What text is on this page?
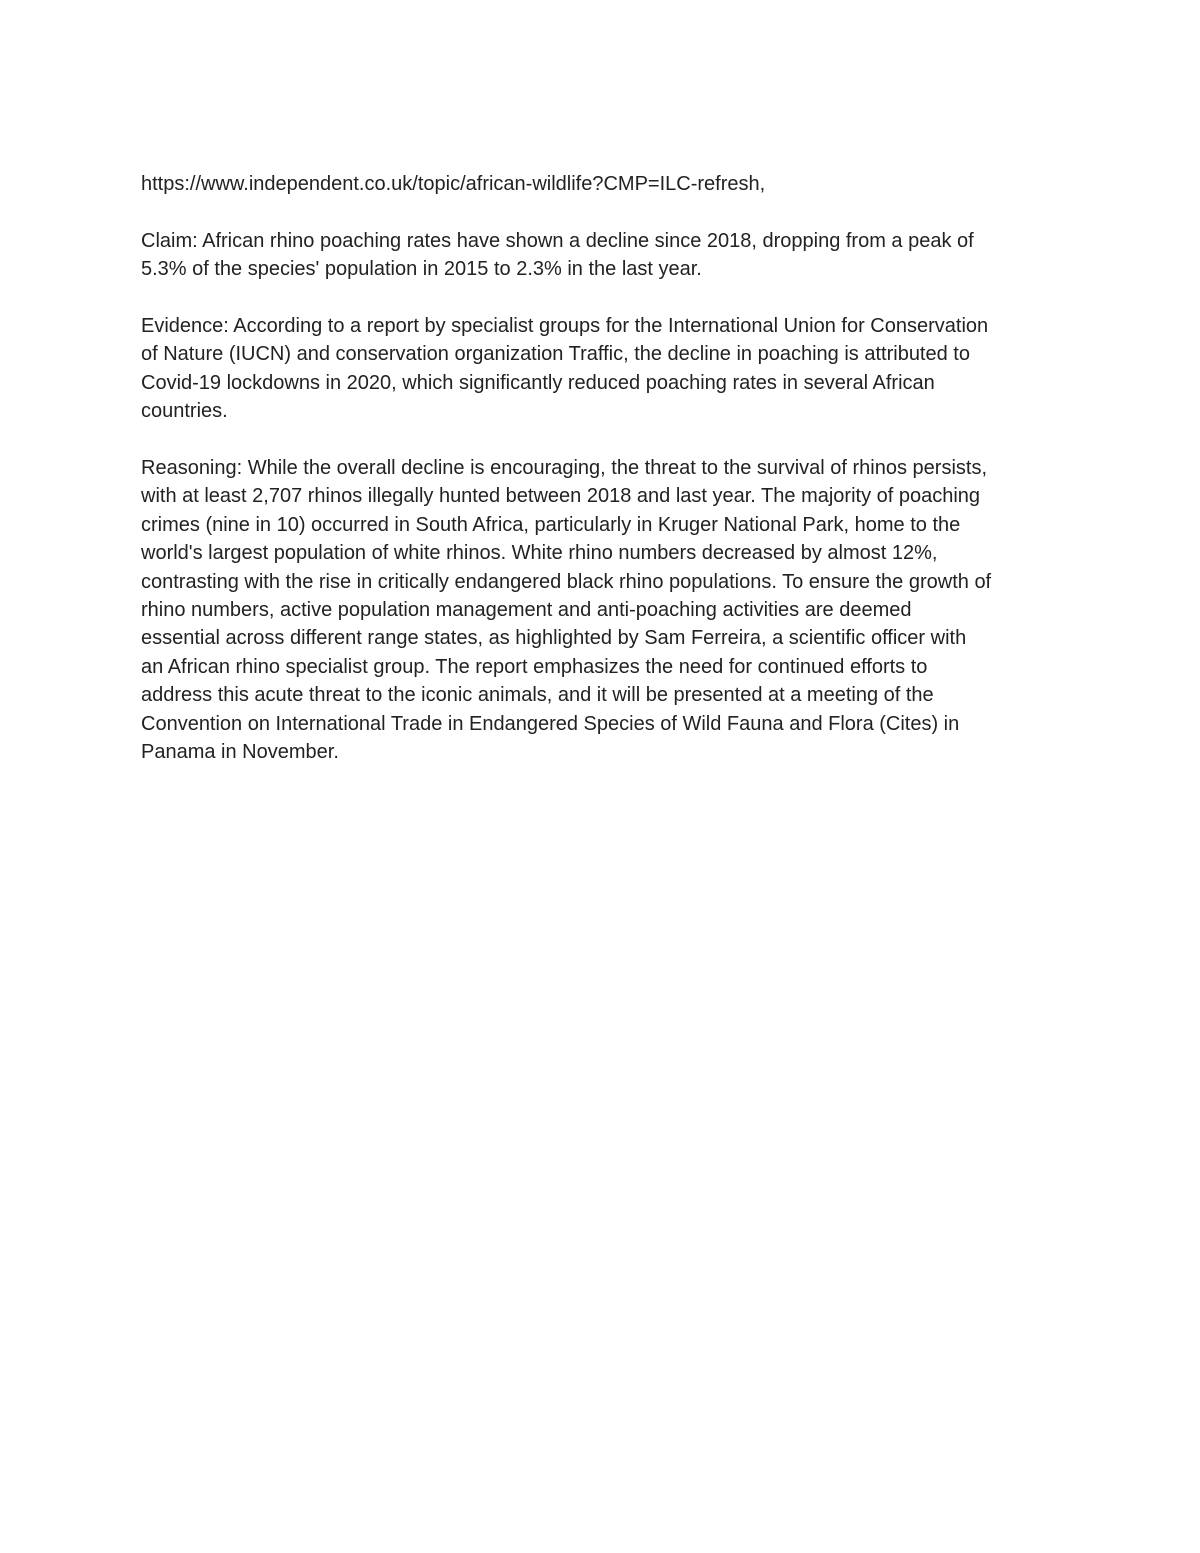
https://www.independent.co.uk/topic/african-wildlife?CMP=ILC-refresh,

Claim: African rhino poaching rates have shown a decline since 2018, dropping from a peak of
5.3% of the species' population in 2015 to 2.3% in the last year.

Evidence: According to a report by specialist groups for the International Union for Conservation
of Nature (IUCN) and conservation organization Traffic, the decline in poaching is attributed to
Covid-19 lockdowns in 2020, which significantly reduced poaching rates in several African
countries.

Reasoning: While the overall decline is encouraging, the threat to the survival of rhinos persists,
with at least 2,707 rhinos illegally hunted between 2018 and last year. The majority of poaching
crimes (nine in 10) occurred in South Africa, particularly in Kruger National Park, home to the
world's largest population of white rhinos. White rhino numbers decreased by almost 12%,
contrasting with the rise in critically endangered black rhino populations. To ensure the growth of
rhino numbers, active population management and anti-poaching activities are deemed
essential across different range states, as highlighted by Sam Ferreira, a scientific officer with
an African rhino specialist group. The report emphasizes the need for continued efforts to
address this acute threat to the iconic animals, and it will be presented at a meeting of the
Convention on International Trade in Endangered Species of Wild Fauna and Flora (Cites) in
Panama in November.
